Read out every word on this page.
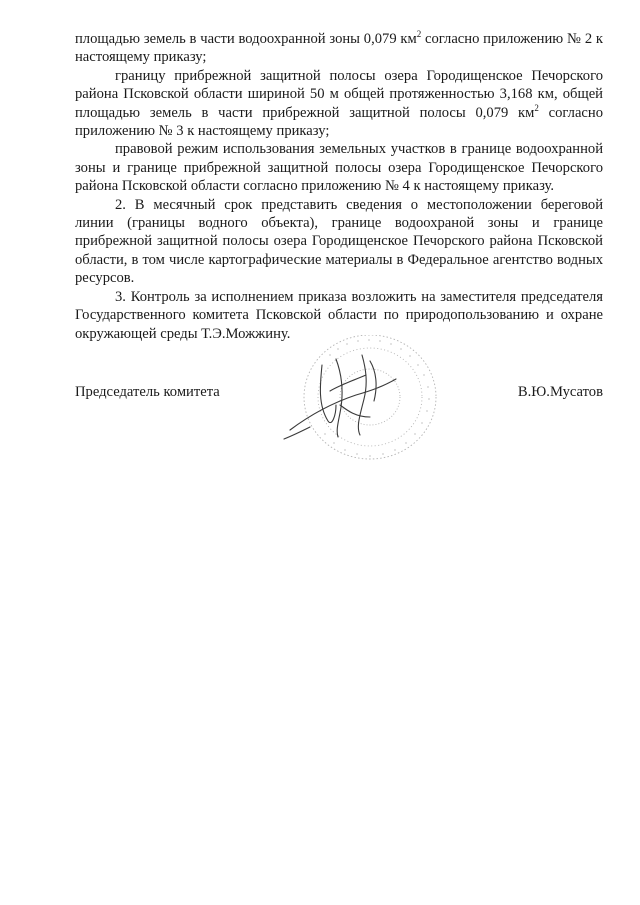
площадью земель в части водоохранной зоны 0,079 $км^2$ согласно приложению № 2 к настоящему приказу;

границу прибрежной защитной полосы озера Городищенское Печорского района Псковской области шириной 50 м общей протяженностью 3,168 км, общей площадью земель в части прибрежной защитной полосы 0,079 $км^2$ согласно приложению № 3 к настоящему приказу;

правовой режим использования земельных участков в границе водоохранной зоны и границе прибрежной защитной полосы озера Городищенское Печорского района Псковской области согласно приложению № 4 к настоящему приказу.

2. В месячный срок представить сведения о местоположении береговой линии (границы водного объекта), границе водоохраной зоны и границе прибрежной защитной полосы озера Городищенское Печорского района Псковской области, в том числе картографические материалы в Федеральное агентство водных ресурсов.

3. Контроль за исполнением приказа возложить на заместителя председателя Государственного комитета Псковской области по природопользованию и охране окружающей среды Т.Э.Можжину.

Председатель комитета	В.Ю.Мусатов
